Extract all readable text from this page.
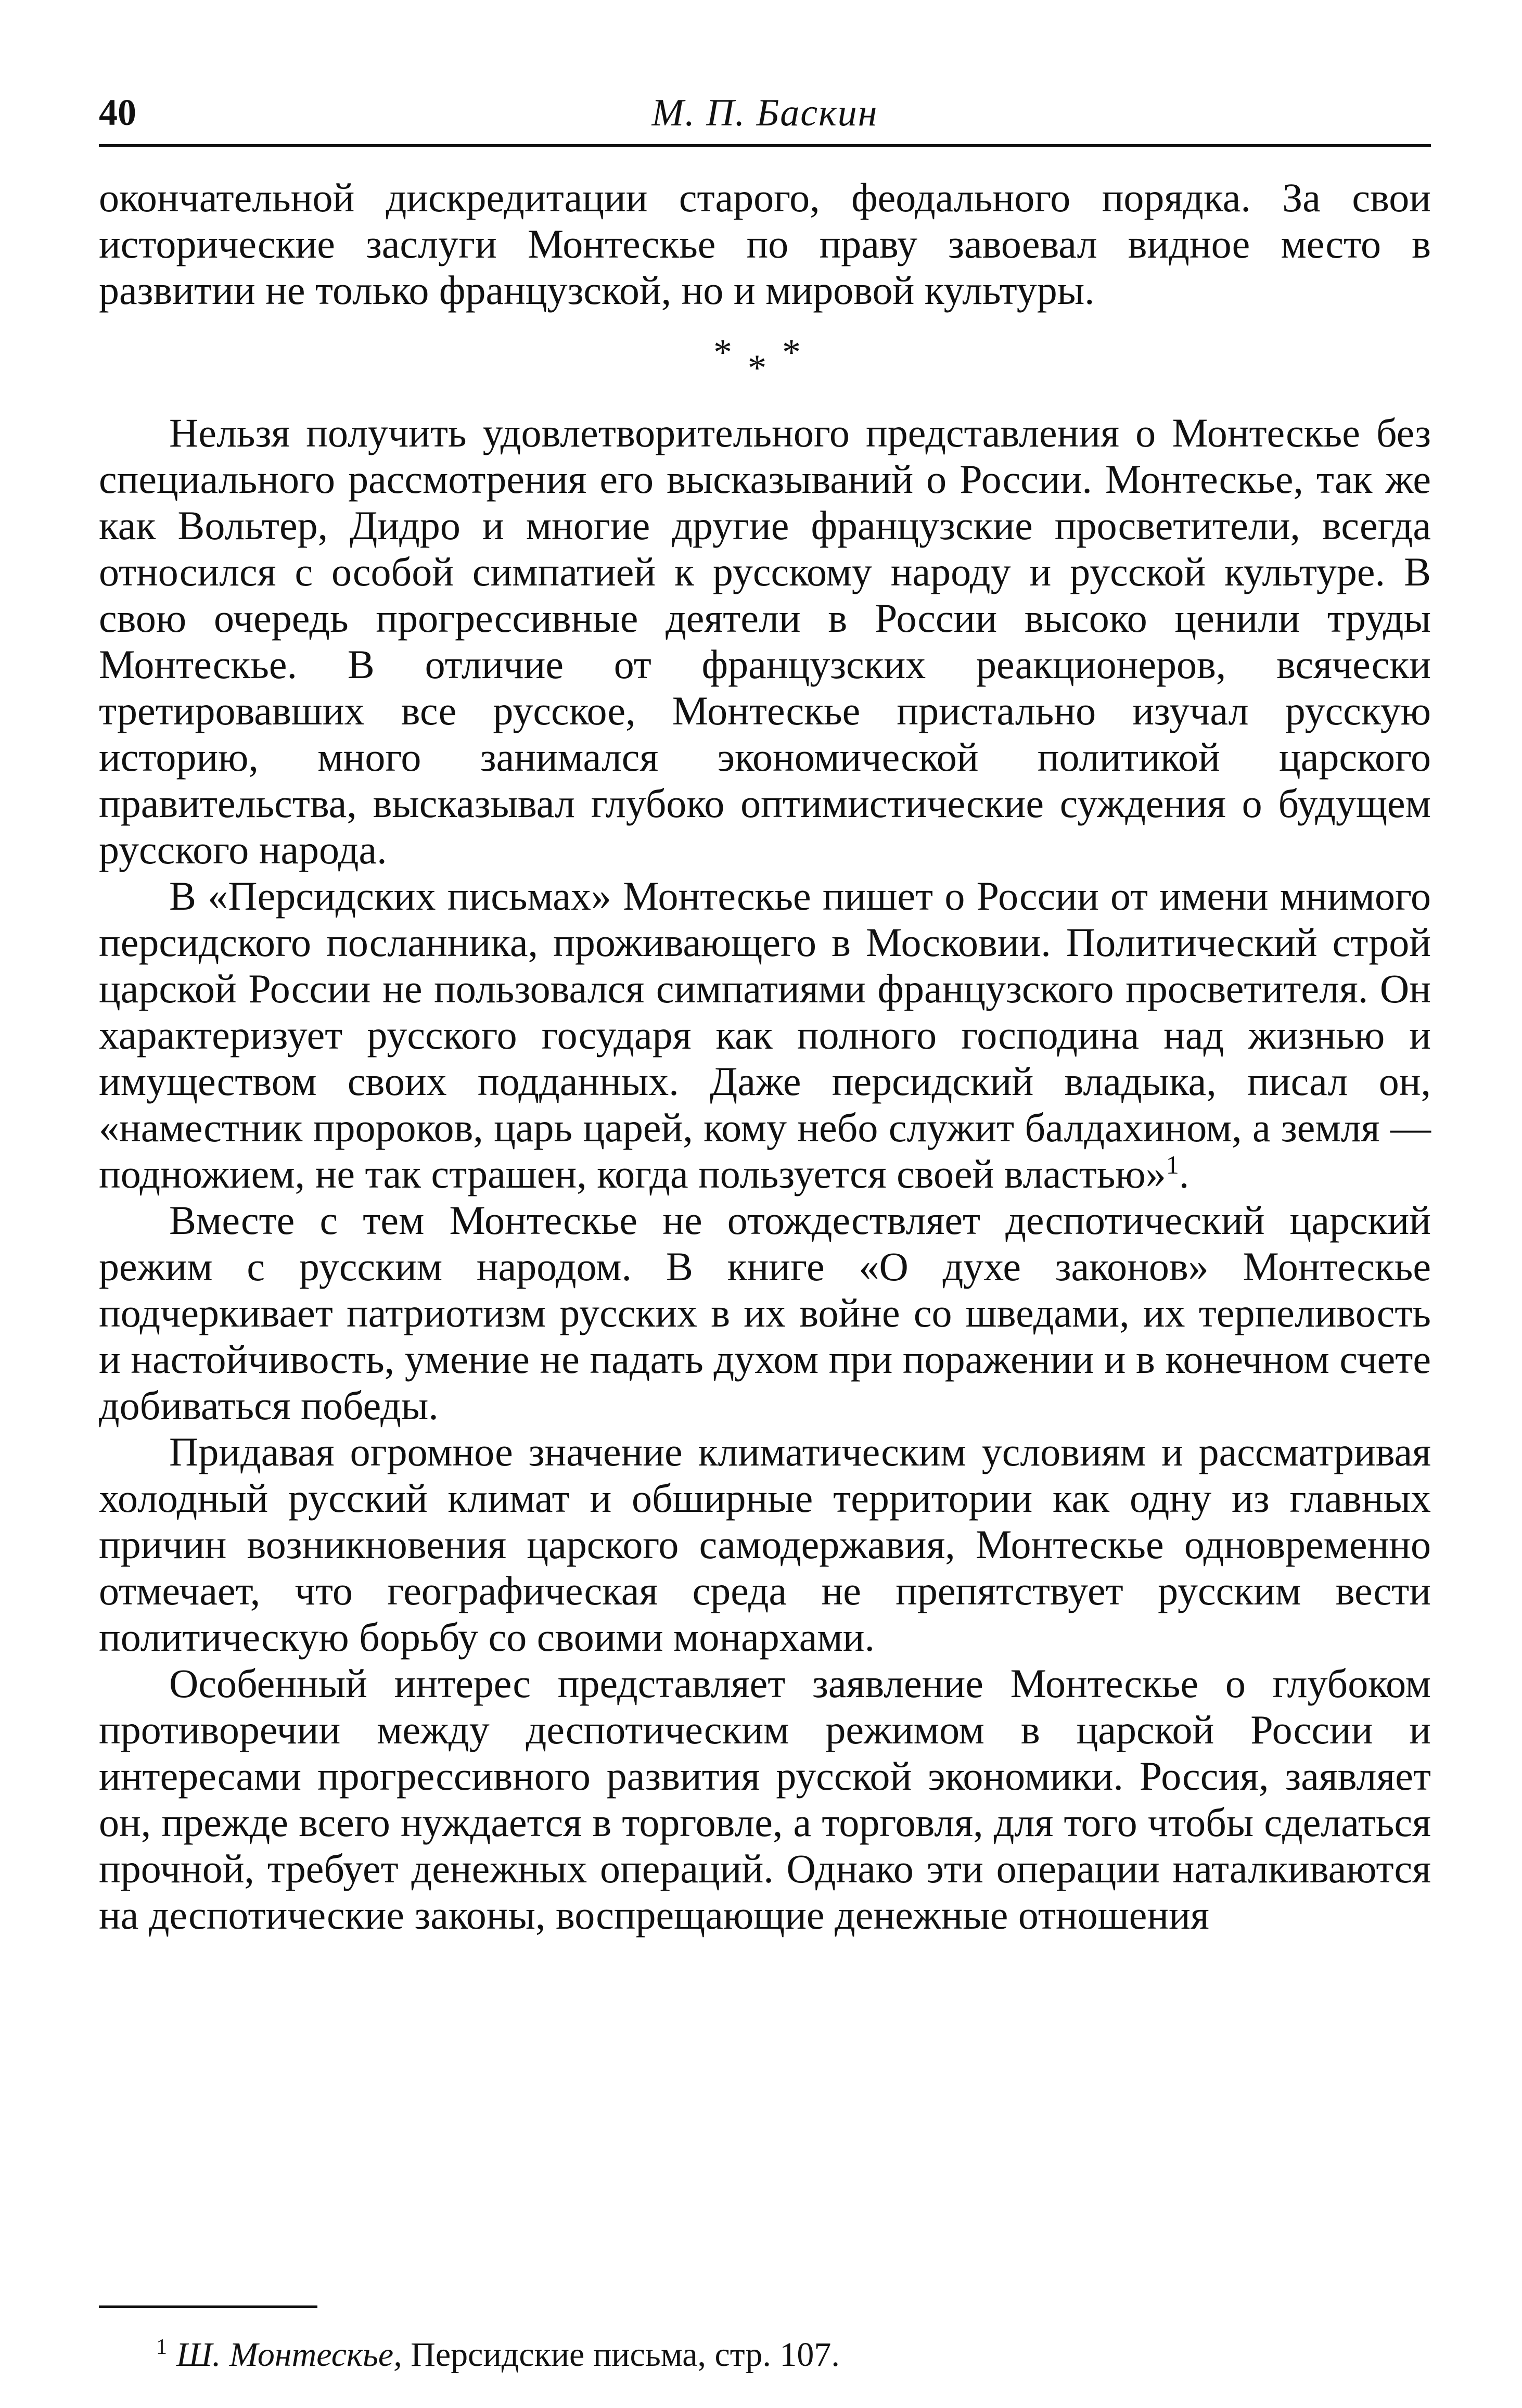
40	М. П. Баскин

окончательной дискредитации старого, феодального порядка. За свои исторические заслуги Монтескье по праву завоевал видное место в развитии не только французской, но и мировой культуры.

***

Нельзя получить удовлетворительного представления о Монтескье без специального рассмотрения его высказываний о России. Монтескье, так же как Вольтер, Дидро и многие другие французские просветители, всегда относился с особой симпатией к русскому народу и русской культуре. В свою очередь прогрессивные деятели в России высоко ценили труды Монтескье. В отличие от французских реакционеров, всячески третировавших все русское, Монтескье пристально изучал русскую историю, много занимался экономической политикой царского правительства, высказывал глубоко оптимистические суждения о будущем русского народа.

В «Персидских письмах» Монтескье пишет о России от имени мнимого персидского посланника, проживающего в Московии. Политический строй царской России не пользовался симпатиями французского просветителя. Он характеризует русского государя как полного господина над жизнью и имуществом своих подданных. Даже персидский владыка, писал он, «наместник пророков, царь царей, кому небо служит балдахином, а земля — подножием, не так страшен, когда пользуется своей властью»$^1$.

Вместе с тем Монтескье не отождествляет деспотический царский режим с русским народом. В книге «О духе законов» Монтескье подчеркивает патриотизм русских в их войне со шведами, их терпеливость и настойчивость, умение не падать духом при поражении и в конечном счете добиваться победы.

Придавая огромное значение климатическим условиям и рассматривая холодный русский климат и обширные территории как одну из главных причин возникновения царского самодержавия, Монтескье одновременно отмечает, что географическая среда не препятствует русским вести политическую борьбу со своими монархами.

Особенный интерес представляет заявление Монтескье о глубоком противоречии между деспотическим режимом в царской России и интересами прогрессивного развития русской экономики. Россия, заявляет он, прежде всего нуждается в торговле, а торговля, для того чтобы сделаться прочной, требует денежных операций. Однако эти операции наталкиваются на деспотические законы, воспрещающие денежные отношения

$^1$ Ш. Монтескье, Персидские письма, стр. 107.
